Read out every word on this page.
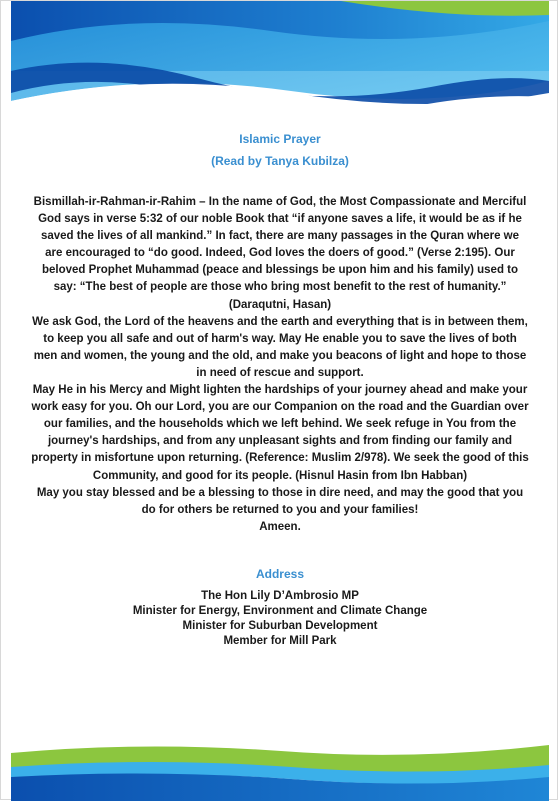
Islamic Prayer
(Read by Tanya Kubilza)

Bismillah-ir-Rahman-ir-Rahim – In the name of God, the Most Compassionate and Merciful

God says in verse 5:32 of our noble Book that “if anyone saves a life, it would be as if he saved the lives of all mankind.” In fact, there are many passages in the Quran where we are encouraged to “do good. Indeed, God loves the doers of good.” (Verse 2:195). Our beloved Prophet Muhammad (peace and blessings be upon him and his family) used to say: “The best of people are those who bring most benefit to the rest of humanity.” (Daraqutni, Hasan)

We ask God, the Lord of the heavens and the earth and everything that is in between them, to keep you all safe and out of harm's way. May He enable you to save the lives of both men and women, the young and the old, and make you beacons of light and hope to those in need of rescue and support.

May He in his Mercy and Might lighten the hardships of your journey ahead and make your work easy for you. Oh our Lord, you are our Companion on the road and the Guardian over our families, and the households which we left behind. We seek refuge in You from the journey's hardships, and from any unpleasant sights and from finding our family and property in misfortune upon returning. (Reference: Muslim 2/978). We seek the good of this Community, and good for its people. (Hisnul Hasin from Ibn Habban)

May you stay blessed and be a blessing to those in dire need, and may the good that you do for others be returned to you and your families!

Ameen.

Address
The Hon Lily D’Ambrosio MP
Minister for Energy, Environment and Climate Change
Minister for Suburban Development
Member for Mill Park
